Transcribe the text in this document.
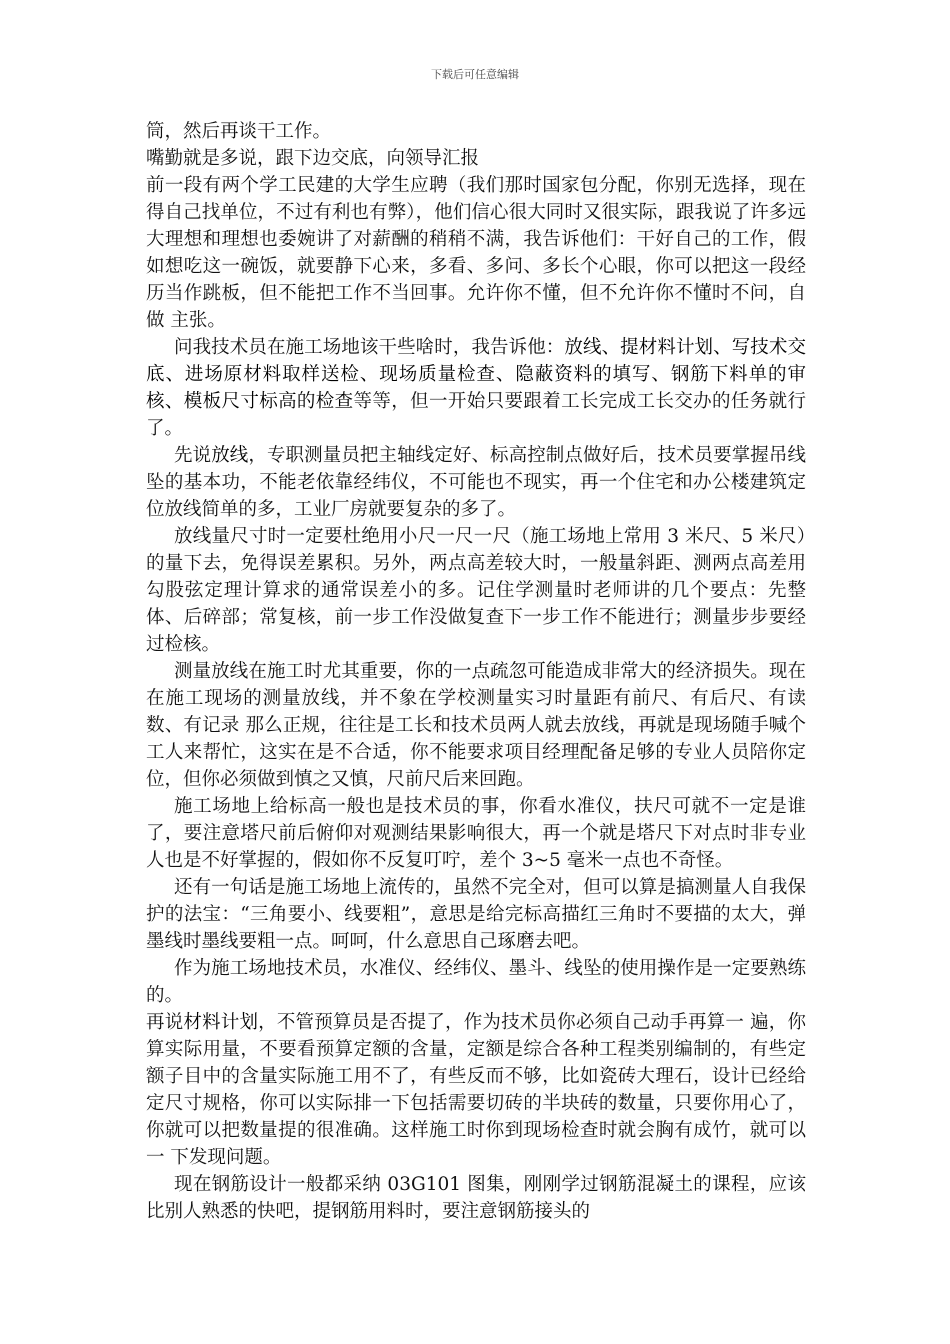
下载后可任意编辑

筒，然后再谈干工作。

嘴勤就是多说，跟下边交底，向领导汇报

前一段有两个学工民建的大学生应聘（我们那时国家包分配，你别无选择，现在得自己找单位，不过有利也有弊），他们信心很大同时又很实际，跟我说了许多远大理想和理想也委婉讲了对薪酬的稍稍不满，我告诉他们：干好自己的工作，假如想吃这一碗饭，就要静下心来，多看、多问、多长个心眼，你可以把这一段经历当作跳板，但不能把工作不当回事。允许你不懂，但不允许你不懂时不问，自做 主张。

问我技术员在施工场地该干些啥时，我告诉他：放线、提材料计划、写技术交底、进场原材料取样送检、现场质量检查、隐蔽资料的填写、钢筋下料单的审核、模板尺寸标高的检查等等，但一开始只要跟着工长完成工长交办的任务就行了。

先说放线，专职测量员把主轴线定好、标高控制点做好后，技术员要掌握吊线坠的基本功，不能老依靠经纬仪，不可能也不现实，再一个住宅和办公楼建筑定位放线简单的多，工业厂房就要复杂的多了。

放线量尺寸时一定要杜绝用小尺一尺一尺（施工场地上常用 3 米尺、5 米尺）的量下去，免得误差累积。另外，两点高差较大时，一般量斜距、测两点高差用勾股弦定理计算求的通常误差小的多。记住学测量时老师讲的几个要点：先整体、后碎部；常复核，前一步工作没做复查下一步工作不能进行；测量步步要经过检核。

测量放线在施工时尤其重要，你的一点疏忽可能造成非常大的经济损失。现在在施工现场的测量放线，并不象在学校测量实习时量距有前尺、有后尺、有读数、有记录 那么正规，往往是工长和技术员两人就去放线，再就是现场随手喊个工人来帮忙，这实在是不合适，你不能要求项目经理配备足够的专业人员陪你定位，但你必须做到慎之又慎，尺前尺后来回跑。

施工场地上给标高一般也是技术员的事，你看水准仪，扶尺可就不一定是谁了，要注意塔尺前后俯仰对观测结果影响很大，再一个就是塔尺下对点时非专业人也是不好掌握的，假如你不反复叮咛，差个 3~5 毫米一点也不奇怪。

还有一句话是施工场地上流传的，虽然不完全对，但可以算是搞测量人自我保护的法宝：“三角要小、线要粗”，意思是给完标高描红三角时不要描的太大，弹墨线时墨线要粗一点。呵呵，什么意思自己琢磨去吧。

作为施工场地技术员，水准仪、经纬仪、墨斗、线坠的使用操作是一定要熟练的。

再说材料计划，不管预算员是否提了，作为技术员你必须自己动手再算一 遍，你算实际用量，不要看预算定额的含量，定额是综合各种工程类别编制的，有些定额子目中的含量实际施工用不了，有些反而不够，比如瓷砖大理石，设计已经给定尺寸规格，你可以实际排一下包括需要切砖的半块砖的数量，只要你用心了，你就可以把数量提的很准确。这样施工时你到现场检查时就会胸有成竹，就可以一 下发现问题。

现在钢筋设计一般都采纳 03G101 图集，刚刚学过钢筋混凝土的课程，应该比别人熟悉的快吧，提钢筋用料时，要注意钢筋接头的
